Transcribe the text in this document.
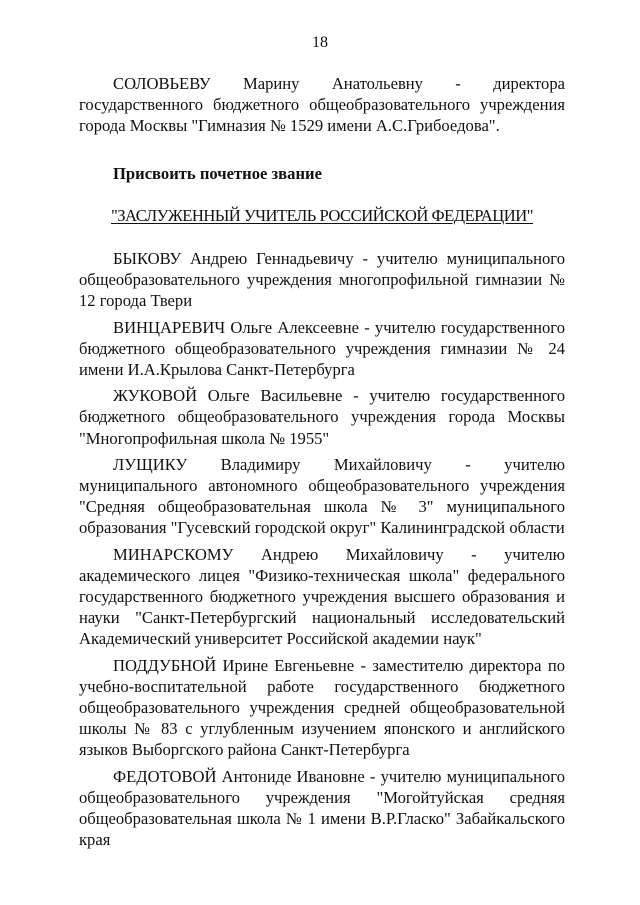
18

СОЛОВЬЕВУ Марину Анатольевну - директора государственного бюджетного общеобразовательного учреждения города Москвы "Гимназия № 1529 имени А.С.Грибоедова".

Присвоить почетное звание

"ЗАСЛУЖЕННЫЙ УЧИТЕЛЬ РОССИЙСКОЙ ФЕДЕРАЦИИ"

БЫКОВУ Андрею Геннадьевичу - учителю муниципального общеобразовательного учреждения многопрофильной гимназии № 12 города Твери

ВИНЦАРЕВИЧ Ольге Алексеевне - учителю государственного бюджетного общеобразовательного учреждения гимназии № 24 имени И.А.Крылова Санкт-Петербурга

ЖУКОВОЙ Ольге Васильевне - учителю государственного бюджетного общеобразовательного учреждения города Москвы "Многопрофильная школа № 1955"

ЛУЩИКУ Владимиру Михайловичу - учителю муниципального автономного общеобразовательного учреждения "Средняя общеобразовательная школа № 3" муниципального образования "Гусевский городской округ" Калининградской области

МИНАРСКОМУ Андрею Михайловичу - учителю академического лицея "Физико-техническая школа" федерального государственного бюджетного учреждения высшего образования и науки "Санкт-Петербургский национальный исследовательский Академический университет Российской академии наук"

ПОДДУБНОЙ Ирине Евгеньевне - заместителю директора по учебно-воспитательной работе государственного бюджетного общеобразовательного учреждения средней общеобразовательной школы № 83 с углубленным изучением японского и английского языков Выборгского района Санкт-Петербурга

ФЕДОТОВОЙ Антониде Ивановне - учителю муниципального общеобразовательного учреждения "Могойтуйская средняя общеобразовательная школа № 1 имени В.Р.Гласко" Забайкальского края
